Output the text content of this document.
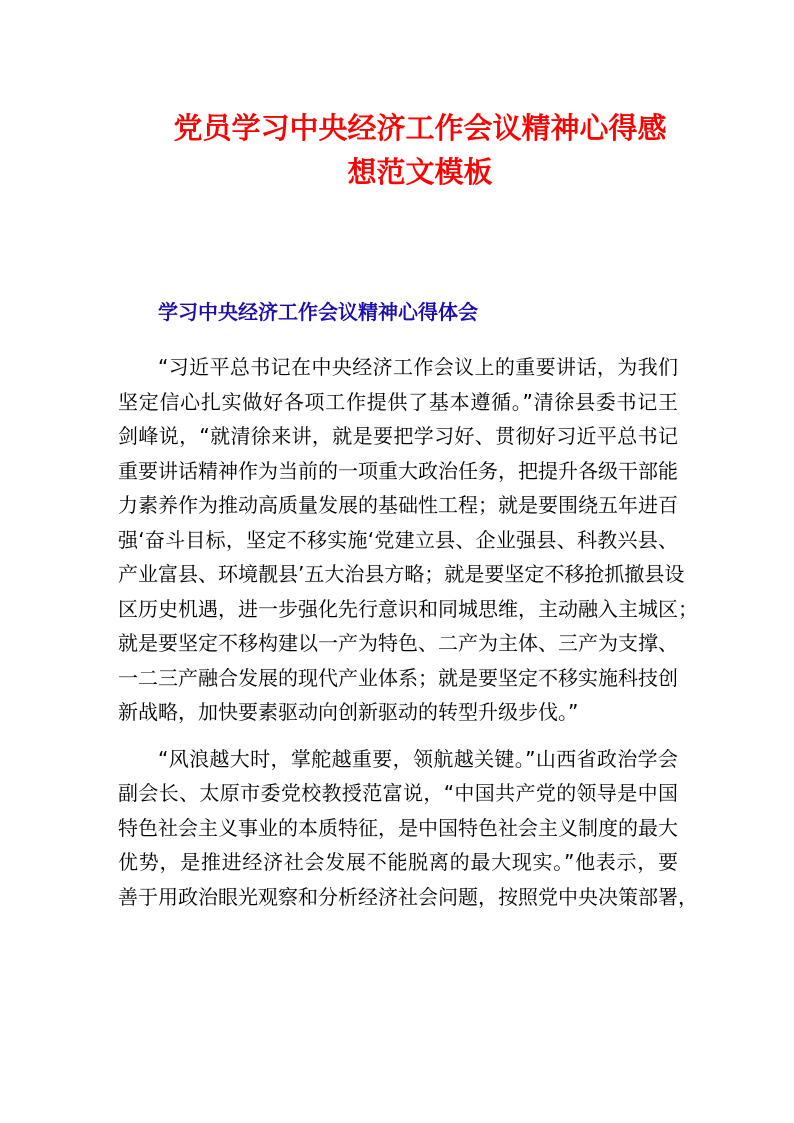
党员学习中央经济工作会议精神心得感
想范文模板
学习中央经济工作会议精神心得体会

“习近平总书记在中央经济工作会议上的重要讲话，为我们
坚定信心扎实做好各项工作提供了基本遵循。”清徐县委书记王
剑峰说，“就清徐来讲，就是要把学习好、贯彻好习近平总书记
重要讲话精神作为当前的一项重大政治任务，把提升各级干部能
力素养作为推动高质量发展的基础性工程；就是要围绕五年进百
强‘奋斗目标，坚定不移实施‘党建立县、企业强县、科教兴县、
产业富县、环境靓县’五大治县方略；就是要坚定不移抢抓撤县设
区历史机遇，进一步强化先行意识和同城思维，主动融入主城区；
就是要坚定不移构建以一产为特色、二产为主体、三产为支撑、
一二三产融合发展的现代产业体系；就是要坚定不移实施科技创
新战略，加快要素驱动向创新驱动的转型升级步伐。”

“风浪越大时，掌舵越重要，领航越关键。”山西省政治学会
副会长、太原市委党校教授范富说，“中国共产党的领导是中国
特色社会主义事业的本质特征，是中国特色社会主义制度的最大
优势，是推进经济社会发展不能脱离的最大现实。”他表示，要
善于用政治眼光观察和分析经济社会问题，按照党中央决策部署，
